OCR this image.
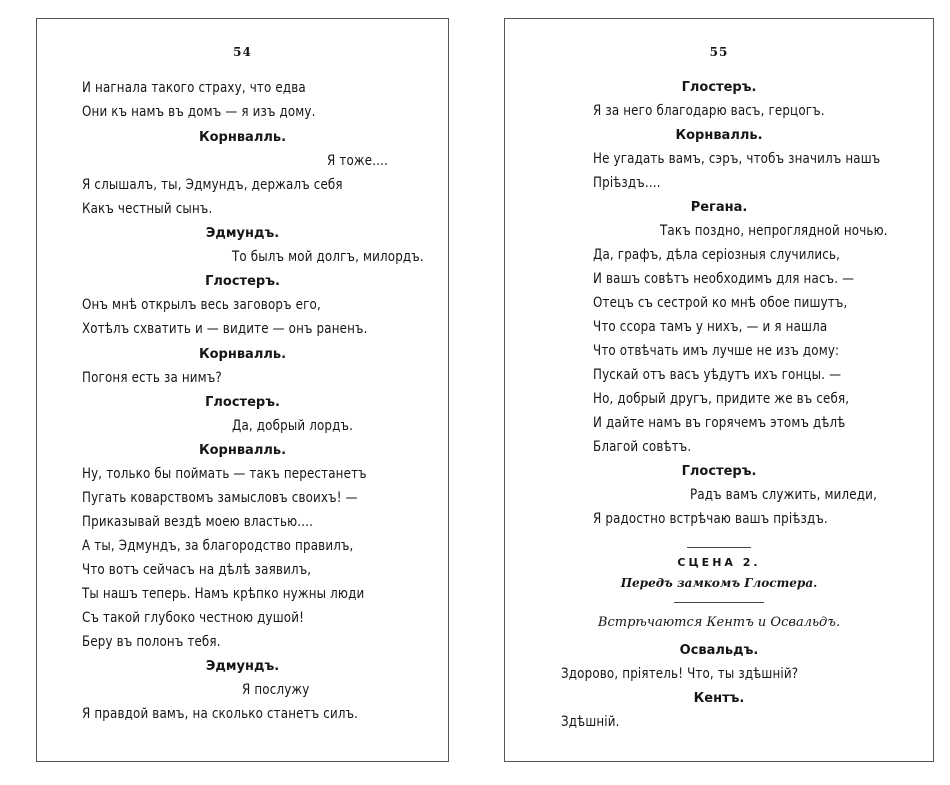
54
И нагнала такого страху, что едва
Они къ намъ въ домъ — я изъ дому.
Корнвалль.
Я тоже....
Я слышалъ, ты, Эдмундъ, держалъ себя
Какъ честный сынъ.
Эдмундъ.
То былъ мой долгъ, милордъ.
Глостеръ.
Онъ мнѣ открылъ весь заговоръ его,
Хотѣлъ схватить и — видите — онъ раненъ.
Корнвалль.
Погоня есть за нимъ?
Глостеръ.
Да, добрый лордъ.
Корнвалль.
Ну, только бы поймать — такъ перестанетъ
Пугать коварствомъ замысловъ своихъ! —
Приказывай вездѣ моею властью....
А ты, Эдмундъ, за благородство правилъ,
Что вотъ сейчасъ на дѣлѣ заявилъ,
Ты нашъ теперь. Намъ крѣпко нужны люди
Съ такой глубоко честною душой!
Беру въ полонъ тебя.
Эдмундъ.
Я послужу
Я правдой вамъ, на сколько станетъ силъ.
55
Глостеръ.
Я за него благодарю васъ, герцогъ.
Корнвалль.
Не угадать вамъ, сэръ, чтобъ значилъ нашъ
Пріѣздъ....
Регана.
Такъ поздно, непроглядной ночью.
Да, графъ, дѣла серіозныя случились,
И вашъ совѣтъ необходимъ для насъ. —
Отецъ съ сестрой ко мнѣ обое пишутъ,
Что ссора тамъ у нихъ, — и я нашла
Что отвѣчать имъ лучше не изъ дому:
Пускай отъ васъ уѣдутъ ихъ гонцы. —
Но, добрый другъ, придите же въ себя,
И дайте намъ въ горячемъ этомъ дѣлѣ
Благой совѣтъ.
Глостеръ.
Радъ вамъ служить, миледи,
Я радостно встрѣчаю вашъ пріѣздъ.
СЦЕНА 2.
Передъ замкомъ Глостера.
Встрѣчаются Кентъ и Освальдъ.
Освальдъ.
Здорово, пріятель! Что, ты здѣшній?
Кентъ.
Здѣшній.
